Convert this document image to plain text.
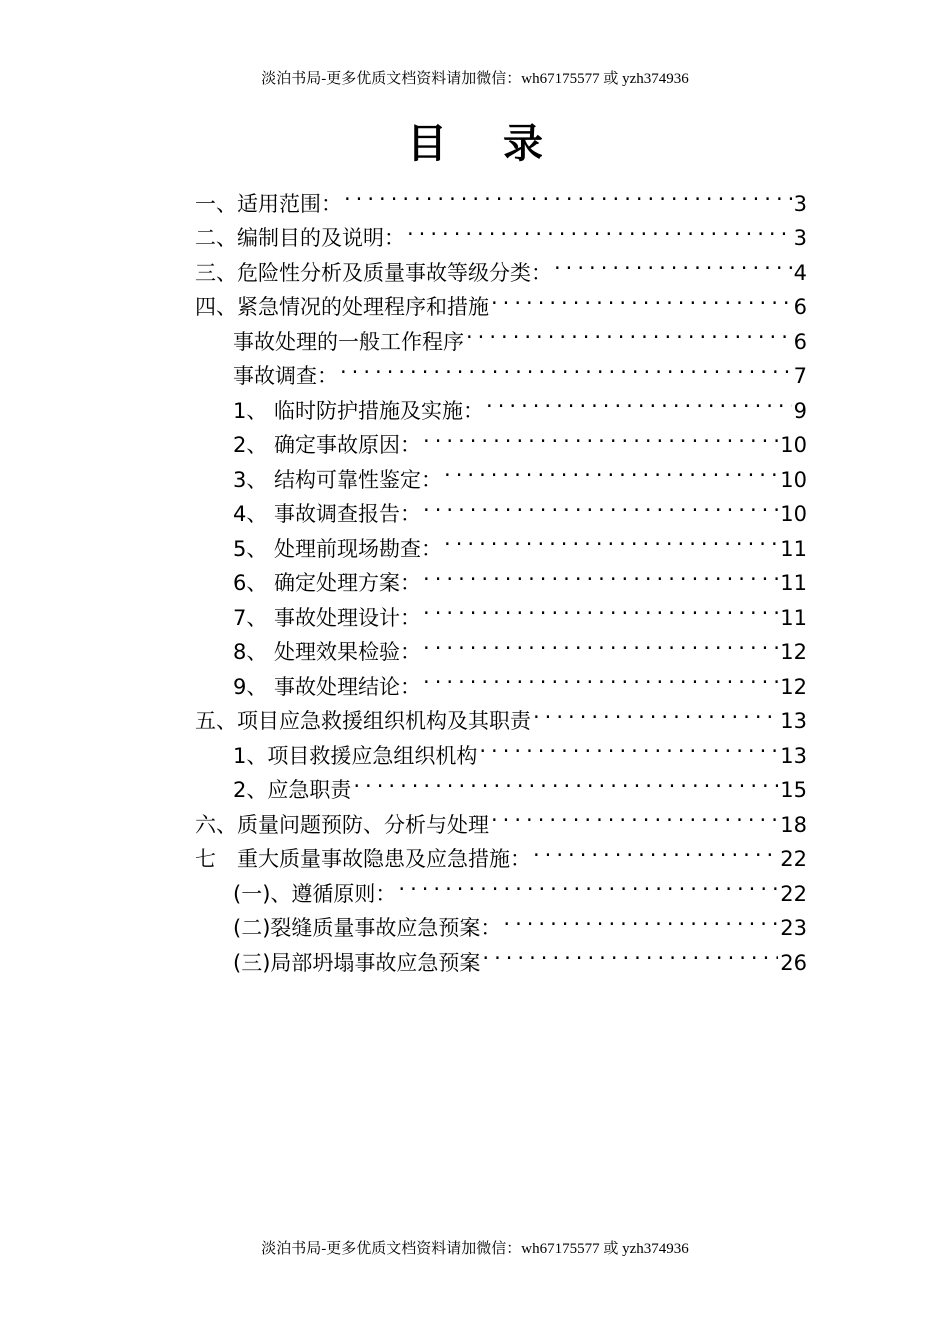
淡泊书局-更多优质文档资料请加微信：wh67175577 或 yzh374936
目录
一、适用范围： .....	3
二、编制目的及说明： .....	3
三、危险性分析及质量事故等级分类： .....	4
四、紧急情况的处理程序和措施 .....	6
事故处理的一般工作程序 .....	6
事故调查： .....	7
1、 临时防护措施及实施： .....	9
2、 确定事故原因： .....	10
3、 结构可靠性鉴定： .....	10
4、 事故调查报告： .....	10
5、 处理前现场勘查： .....	11
6、 确定处理方案： .....	11
7、 事故处理设计： .....	11
8、 处理效果检验： .....	12
9、 事故处理结论： .....	12
五、项目应急救援组织机构及其职责 .....	13
1、项目救援应急组织机构 .....	13
2、应急职责 .....	15
六、质量问题预防、分析与处理 .....	18
七　重大质量事故隐患及应急措施： .....	22
(一)、遵循原则： .....	22
(二)裂缝质量事故应急预案： .....	23
(三)局部坍塌事故应急预案 .....	26
淡泊书局-更多优质文档资料请加微信：wh67175577 或 yzh374936
